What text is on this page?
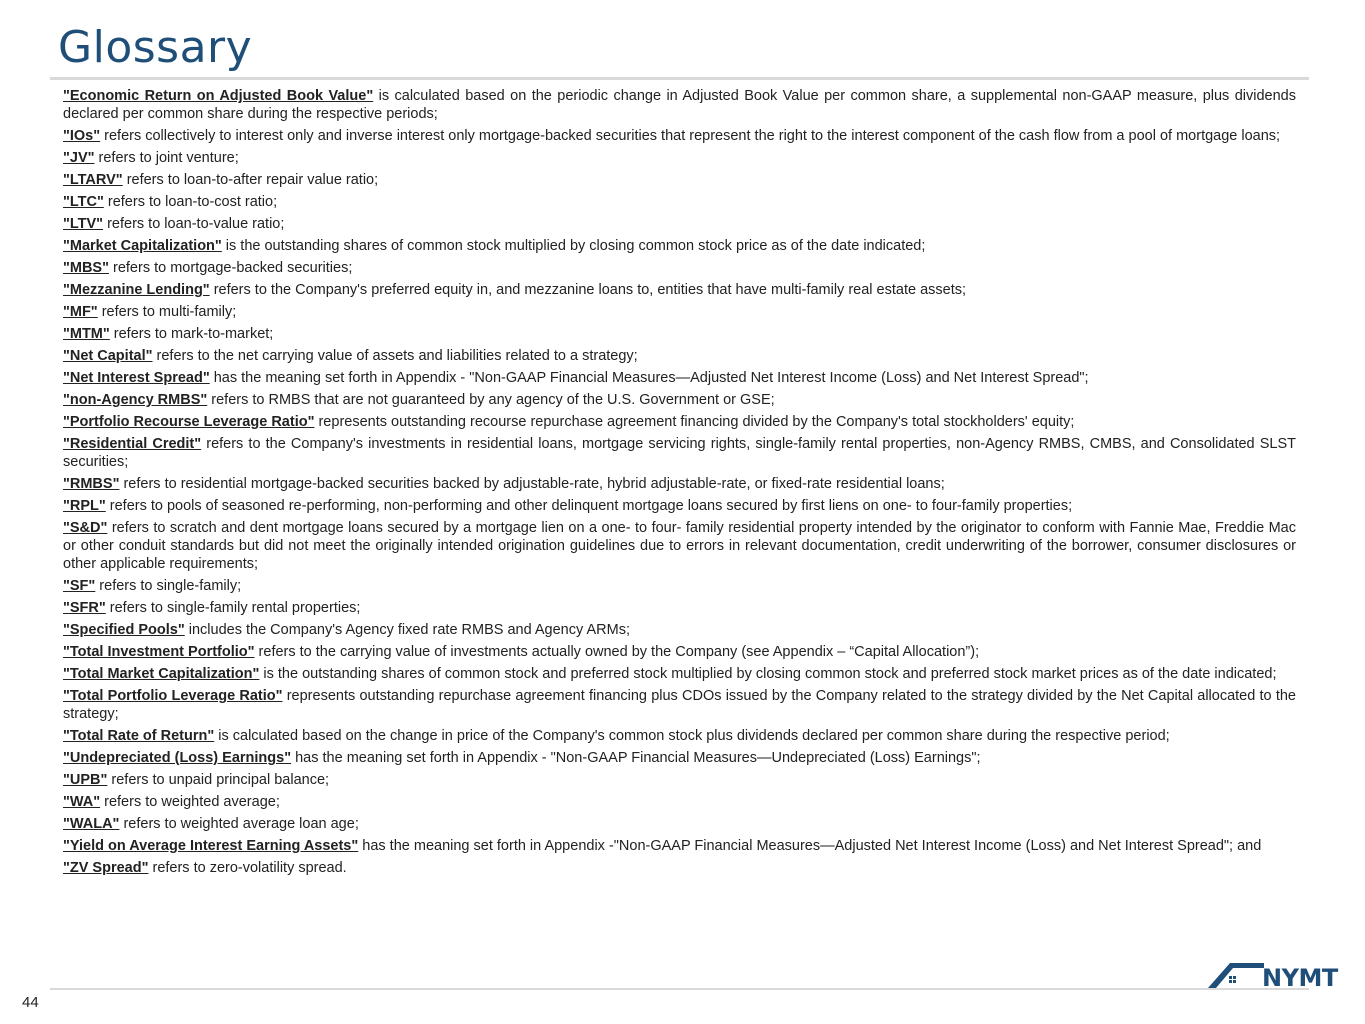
Glossary

"Economic Return on Adjusted Book Value" is calculated based on the periodic change in Adjusted Book Value per common share, a supplemental non-GAAP measure, plus dividends declared per common share during the respective periods;

"IOs" refers collectively to interest only and inverse interest only mortgage-backed securities that represent the right to the interest component of the cash flow from a pool of mortgage loans;

"JV" refers to joint venture;

"LTARV" refers to loan-to-after repair value ratio;

"LTC" refers to loan-to-cost ratio;

"LTV" refers to loan-to-value ratio;

"Market Capitalization" is the outstanding shares of common stock multiplied by closing common stock price as of the date indicated;

"MBS" refers to mortgage-backed securities;

"Mezzanine Lending" refers to the Company's preferred equity in, and mezzanine loans to, entities that have multi-family real estate assets;

"MF" refers to multi-family;

"MTM" refers to mark-to-market;

"Net Capital" refers to the net carrying value of assets and liabilities related to a strategy;

"Net Interest Spread" has the meaning set forth in Appendix - "Non-GAAP Financial Measures—Adjusted Net Interest Income (Loss) and Net Interest Spread";

"non-Agency RMBS" refers to RMBS that are not guaranteed by any agency of the U.S. Government or GSE;

"Portfolio Recourse Leverage Ratio" represents outstanding recourse repurchase agreement financing divided by the Company's total stockholders' equity;

"Residential Credit" refers to the Company's investments in residential loans, mortgage servicing rights, single-family rental properties, non-Agency RMBS, CMBS, and Consolidated SLST securities;

"RMBS" refers to residential mortgage-backed securities backed by adjustable-rate, hybrid adjustable-rate, or fixed-rate residential loans;

"RPL" refers to pools of seasoned re-performing, non-performing and other delinquent mortgage loans secured by first liens on one- to four-family properties;

"S&D" refers to scratch and dent mortgage loans secured by a mortgage lien on a one- to four- family residential property intended by the originator to conform with Fannie Mae, Freddie Mac or other conduit standards but did not meet the originally intended origination guidelines due to errors in relevant documentation, credit underwriting of the borrower, consumer disclosures or other applicable requirements;

"SF" refers to single-family;

"SFR" refers to single-family rental properties;

"Specified Pools" includes the Company's Agency fixed rate RMBS and Agency ARMs;

"Total Investment Portfolio" refers to the carrying value of investments actually owned by the Company (see Appendix – “Capital Allocation”);

"Total Market Capitalization" is the outstanding shares of common stock and preferred stock multiplied by closing common stock and preferred stock market prices as of the date indicated;

"Total Portfolio Leverage Ratio" represents outstanding repurchase agreement financing plus CDOs issued by the Company related to the strategy divided by the Net Capital allocated to the strategy;

"Total Rate of Return" is calculated based on the change in price of the Company's common stock plus dividends declared per common share during the respective period;

"Undepreciated (Loss) Earnings" has the meaning set forth in Appendix - "Non-GAAP Financial Measures—Undepreciated (Loss) Earnings";

"UPB" refers to unpaid principal balance;

"WA" refers to weighted average;

"WALA" refers to weighted average loan age;

"Yield on Average Interest Earning Assets" has the meaning set forth in Appendix -"Non-GAAP Financial Measures—Adjusted Net Interest Income (Loss) and Net Interest Spread"; and

"ZV Spread" refers to zero-volatility spread.

44
NYMT
